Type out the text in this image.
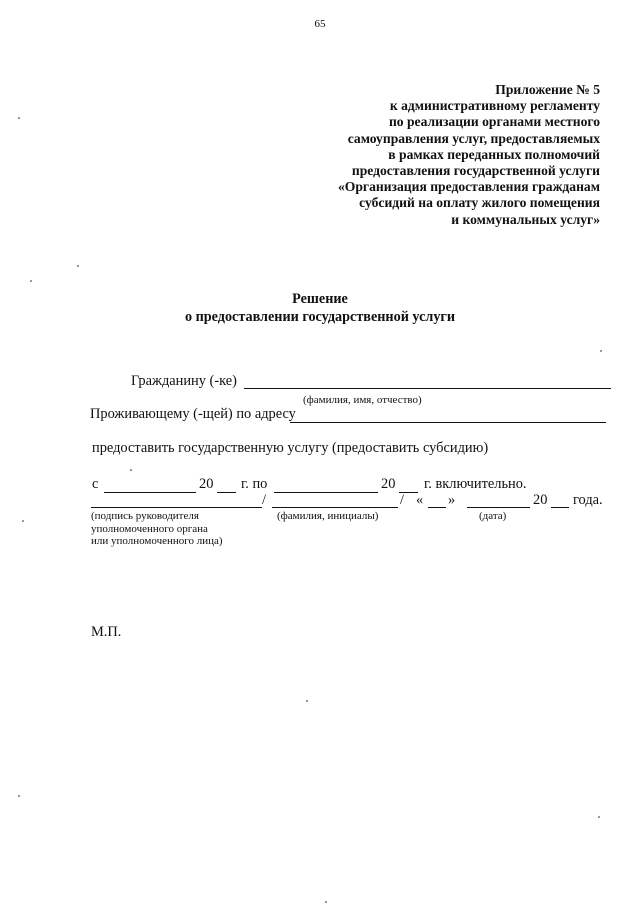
65
Приложение № 5
к административному регламенту
по реализации органами местного
самоуправления услуг, предоставляемых
в рамках переданных полномочий
предоставления государственной услуги
«Организация предоставления гражданам
субсидий на оплату жилого помещения
и коммунальных услуг»
Решение
о предоставлении государственной услуги
Гражданину (-ке)
(фамилия, имя, отчество)
Проживающему (-щей) по адресу
предоставить государственную услугу (предоставить субсидию)
с	20 г. по	20 г. включительно.
/	/ « »	20 года.
(подпись руководителя
уполномоченного органа
или уполномоченного лица)
(фамилия, инициалы)	(дата)
М.П.
